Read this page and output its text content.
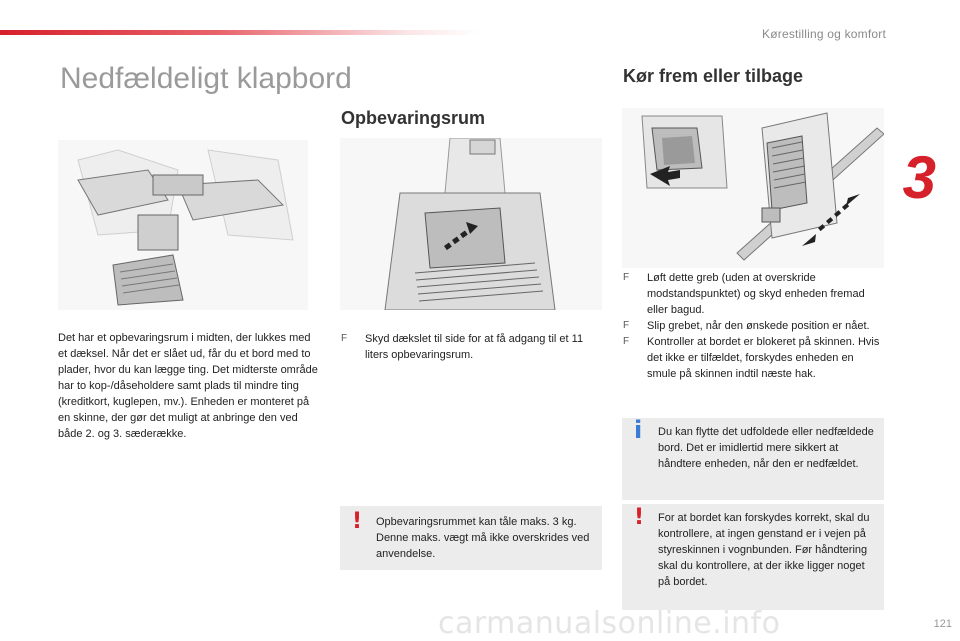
Kørestilling og komfort
3
Nedfældeligt klapbord
Det har et opbevaringsrum i midten, der lukkes med et dæksel. Når det er slået ud, får du et bord med to plader, hvor du kan lægge ting. Det midterste område har to kop-/dåseholdere samt plads til mindre ting (kreditkort, kuglepen, mv.). Enheden er monteret på en skinne, der gør det muligt at anbringe den ved både 2. og 3. sæderække.
Opbevaringsrum
F Skyd dækslet til side for at få adgang til et 11 liters opbevaringsrum.
! Opbevaringsrummet kan tåle maks. 3 kg. Denne maks. vægt må ikke overskrides ved anvendelse.
Kør frem eller tilbage
F Løft dette greb (uden at overskride modstandspunktet) og skyd enheden fremad eller bagud.
F Slip grebet, når den ønskede position er nået.
F Kontroller at bordet er blokeret på skinnen. Hvis det ikke er tilfældet, forskydes enheden en smule på skinnen indtil næste hak.
i Du kan flytte det udfoldede eller nedfældede bord. Det er imidlertid mere sikkert at håndtere enheden, når den er nedfældet.
! For at bordet kan forskydes korrekt, skal du kontrollere, at ingen genstand er i vejen på styreskinnen i vognbunden. Før håndtering skal du kontrollere, at der ikke ligger noget på bordet.
carmanualsonline.info	121
